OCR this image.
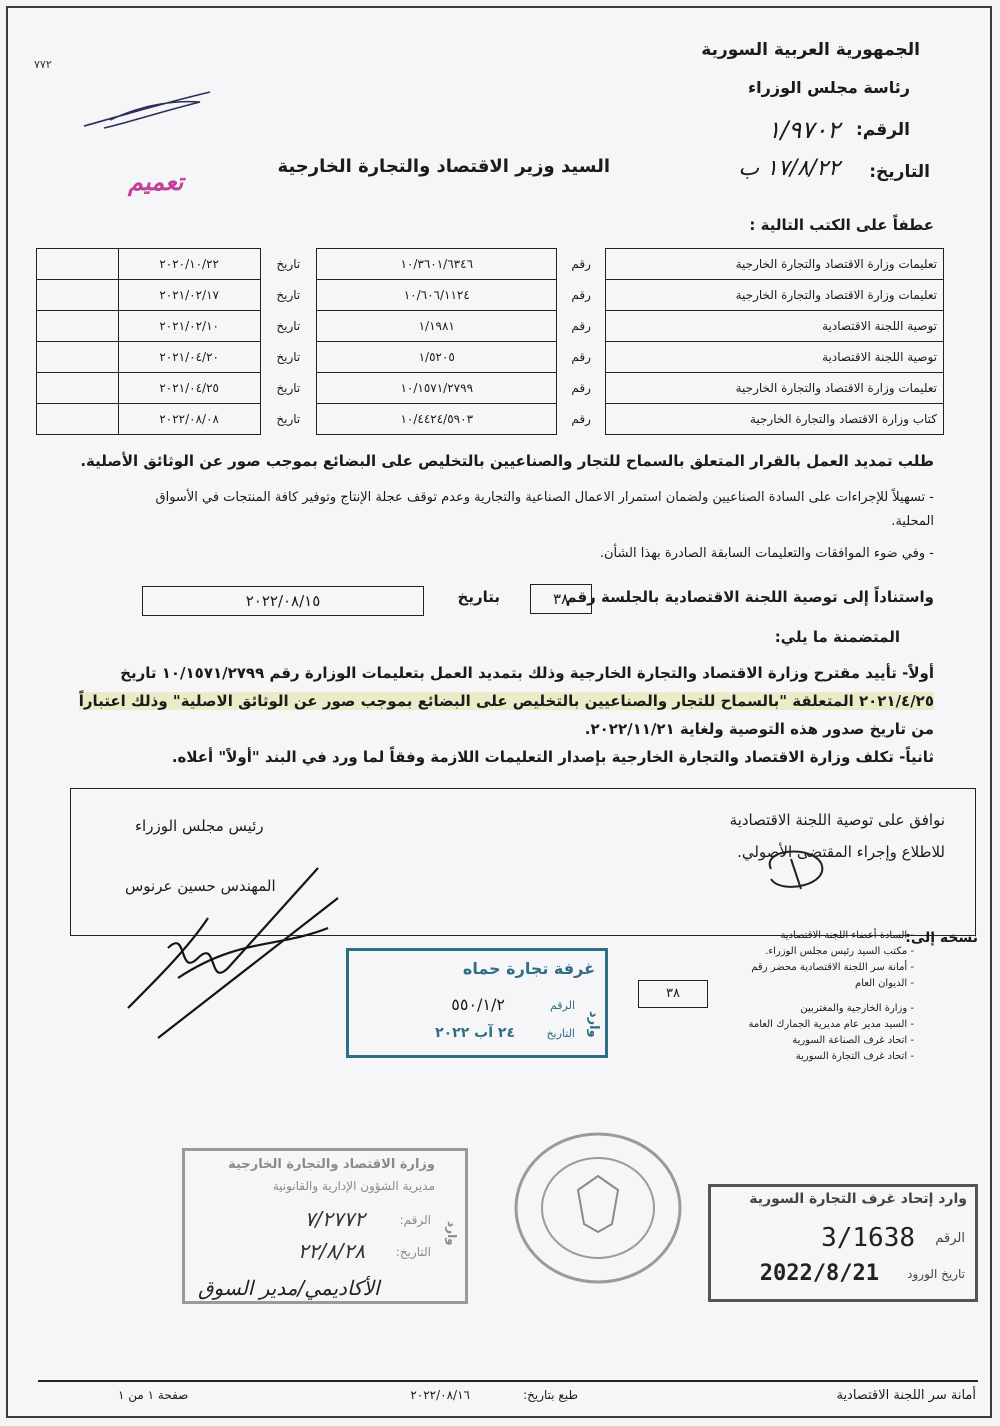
٧٧٢
الجمهورية العربية السورية
رئاسة مجلس الوزراء
الرقم:
١/٩٧٠٢
التاريخ:
١٧/٨/٢٢ ب
السيد وزير الاقتصاد والتجارة الخارجية
تعميم
عطفاً على الكتب التالية :
تعليمات وزارة الاقتصاد والتجارة الخارجية	رقم	١٠/٣٦٠١/٦٣٤٦	تاريخ	٢٠٢٠/١٠/٢٢	
تعليمات وزارة الاقتصاد والتجارة الخارجية	رقم	١٠/٦٠٦/١١٢٤	تاريخ	٢٠٢١/٠٢/١٧	
توصية اللجنة الاقتصادية	رقم	١/١٩٨١	تاريخ	٢٠٢١/٠٢/١٠	
توصية اللجنة الاقتصادية	رقم	١/٥٢٠٥	تاريخ	٢٠٢١/٠٤/٢٠	
تعليمات وزارة الاقتصاد والتجارة الخارجية	رقم	١٠/١٥٧١/٢٧٩٩	تاريخ	٢٠٢١/٠٤/٢٥	
كتاب وزارة الاقتصاد والتجارة الخارجية	رقم	١٠/٤٤٢٤/٥٩٠٣	تاريخ	٢٠٢٢/٠٨/٠٨	
طلب تمديد العمل بالقرار المتعلق بالسماح للتجار والصناعيين بالتخليص على البضائع بموجب صور عن الوثائق الأصلية.
- تسهيلاً للإجراءات على السادة الصناعيين ولضمان استمرار الاعمال الصناعية والتجارية وعدم توقف عجلة الإنتاج وتوفير كافة المنتجات في الأسواق
المحلية.
- وفي ضوء الموافقات والتعليمات السابقة الصادرة بهذا الشأن.
واستناداً إلى توصية اللجنة الاقتصادية بالجلسة رقم
٣٨
بتاريخ
٢٠٢٢/٠٨/١٥
المتضمنة ما يلي:
أولاً- تأييد مقترح وزارة الاقتصاد والتجارة الخارجية وذلك بتمديد العمل بتعليمات الوزارة رقم ١٠/١٥٧١/٢٧٩٩ تاريخ
٢٠٢١/٤/٢٥ المتعلقة "بالسماح للتجار والصناعيين بالتخليص على البضائع بموجب صور عن الوثائق الاصلية" وذلك اعتباراً
من تاريخ صدور هذه التوصية ولغاية ٢٠٢٢/١١/٢١.
ثانياً- تكلف وزارة الاقتصاد والتجارة الخارجية بإصدار التعليمات اللازمة وفقاً لما ورد في البند "أولاً" أعلاه.
نوافق على توصية اللجنة الاقتصادية
للاطلاع وإجراء المقتضى الأصولي.
رئيس مجلس الوزراء
المهندس حسين عرنوس
نسخة إلى:
- السادة أعضاء اللجنة الاقتصادية
- مكتب السيد رئيس مجلس الوزراء.
- أمانة سر اللجنة الاقتصادية محضر رقم
- الديوان العام
- وزارة الخارجية والمغتربين
- السيد مدير عام مديرية الجمارك العامة
- اتحاد غرف الصناعة السورية
- اتحاد غرف التجارة السورية
٣٨
غرفة تجارة حماه
وارد
الرقم
٥٥٠/١/٢
التاريخ
٢٤ آب ٢٠٢٢
وزارة الاقتصاد والتجارة الخارجية
مديرية الشؤون الإدارية والقانونية
وارد
الرقم:
٧/٢٧٧٢
التاريخ:
٢٢/٨/٢٨
الأكاديمي/مدير السوق
وارد إتحاد غرف التجارة السورية
الرقم
3/1638
تاريخ الورود
2022/8/21
أمانة سر اللجنة الاقتصادية
طبع بتاريخ:
٢٠٢٢/٠٨/١٦
صفحة ١ من ١
